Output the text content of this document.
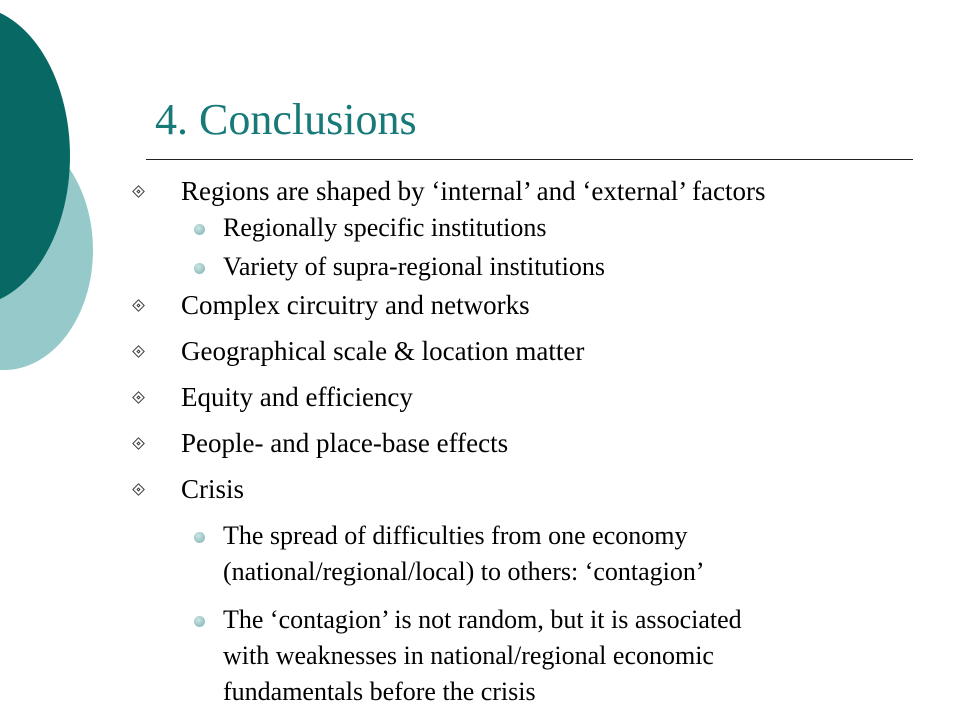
4. Conclusions
Regions are shaped by ‘internal’ and ‘external’ factors
Regionally specific institutions
Variety of supra-regional institutions
Complex circuitry and networks
Geographical scale & location matter
Equity and efficiency
People- and place-base effects
Crisis
The spread of difficulties from one economy
(national/regional/local) to others: ‘contagion’
The ‘contagion’ is not random, but it is associated
with weaknesses in national/regional economic
fundamentals before the crisis
